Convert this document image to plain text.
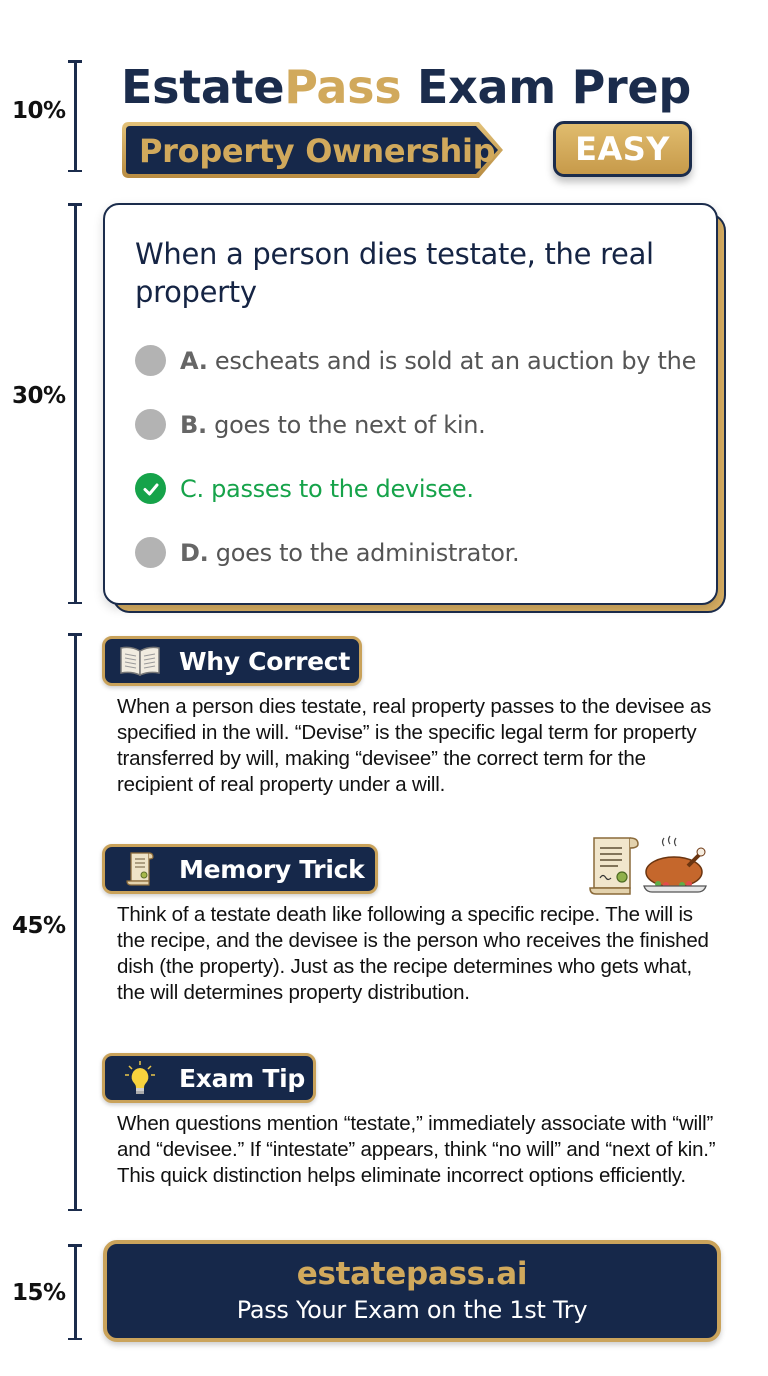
10%
30%
45%
15%
EstatePass Exam Prep
Property Ownership	EASY
When a person dies testate, the real property
A. escheats and is sold at an auction by the
B. goes to the next of kin.
C. passes to the devisee.
D. goes to the administrator.
Why Correct
When a person dies testate, real property passes to the devisee as specified in the will. “Devise” is the specific legal term for property transferred by will, making “devisee” the correct term for the recipient of real property under a will.
Memory Trick
Think of a testate death like following a specific recipe. The will is the recipe, and the devisee is the person who receives the finished dish (the property). Just as the recipe determines who gets what, the will determines property distribution.
Exam Tip
When questions mention “testate,” immediately associate with “will” and “devisee.” If “intestate” appears, think “no will” and “next of kin.” This quick distinction helps eliminate incorrect options efficiently.
estatepass.ai
Pass Your Exam on the 1st Try
